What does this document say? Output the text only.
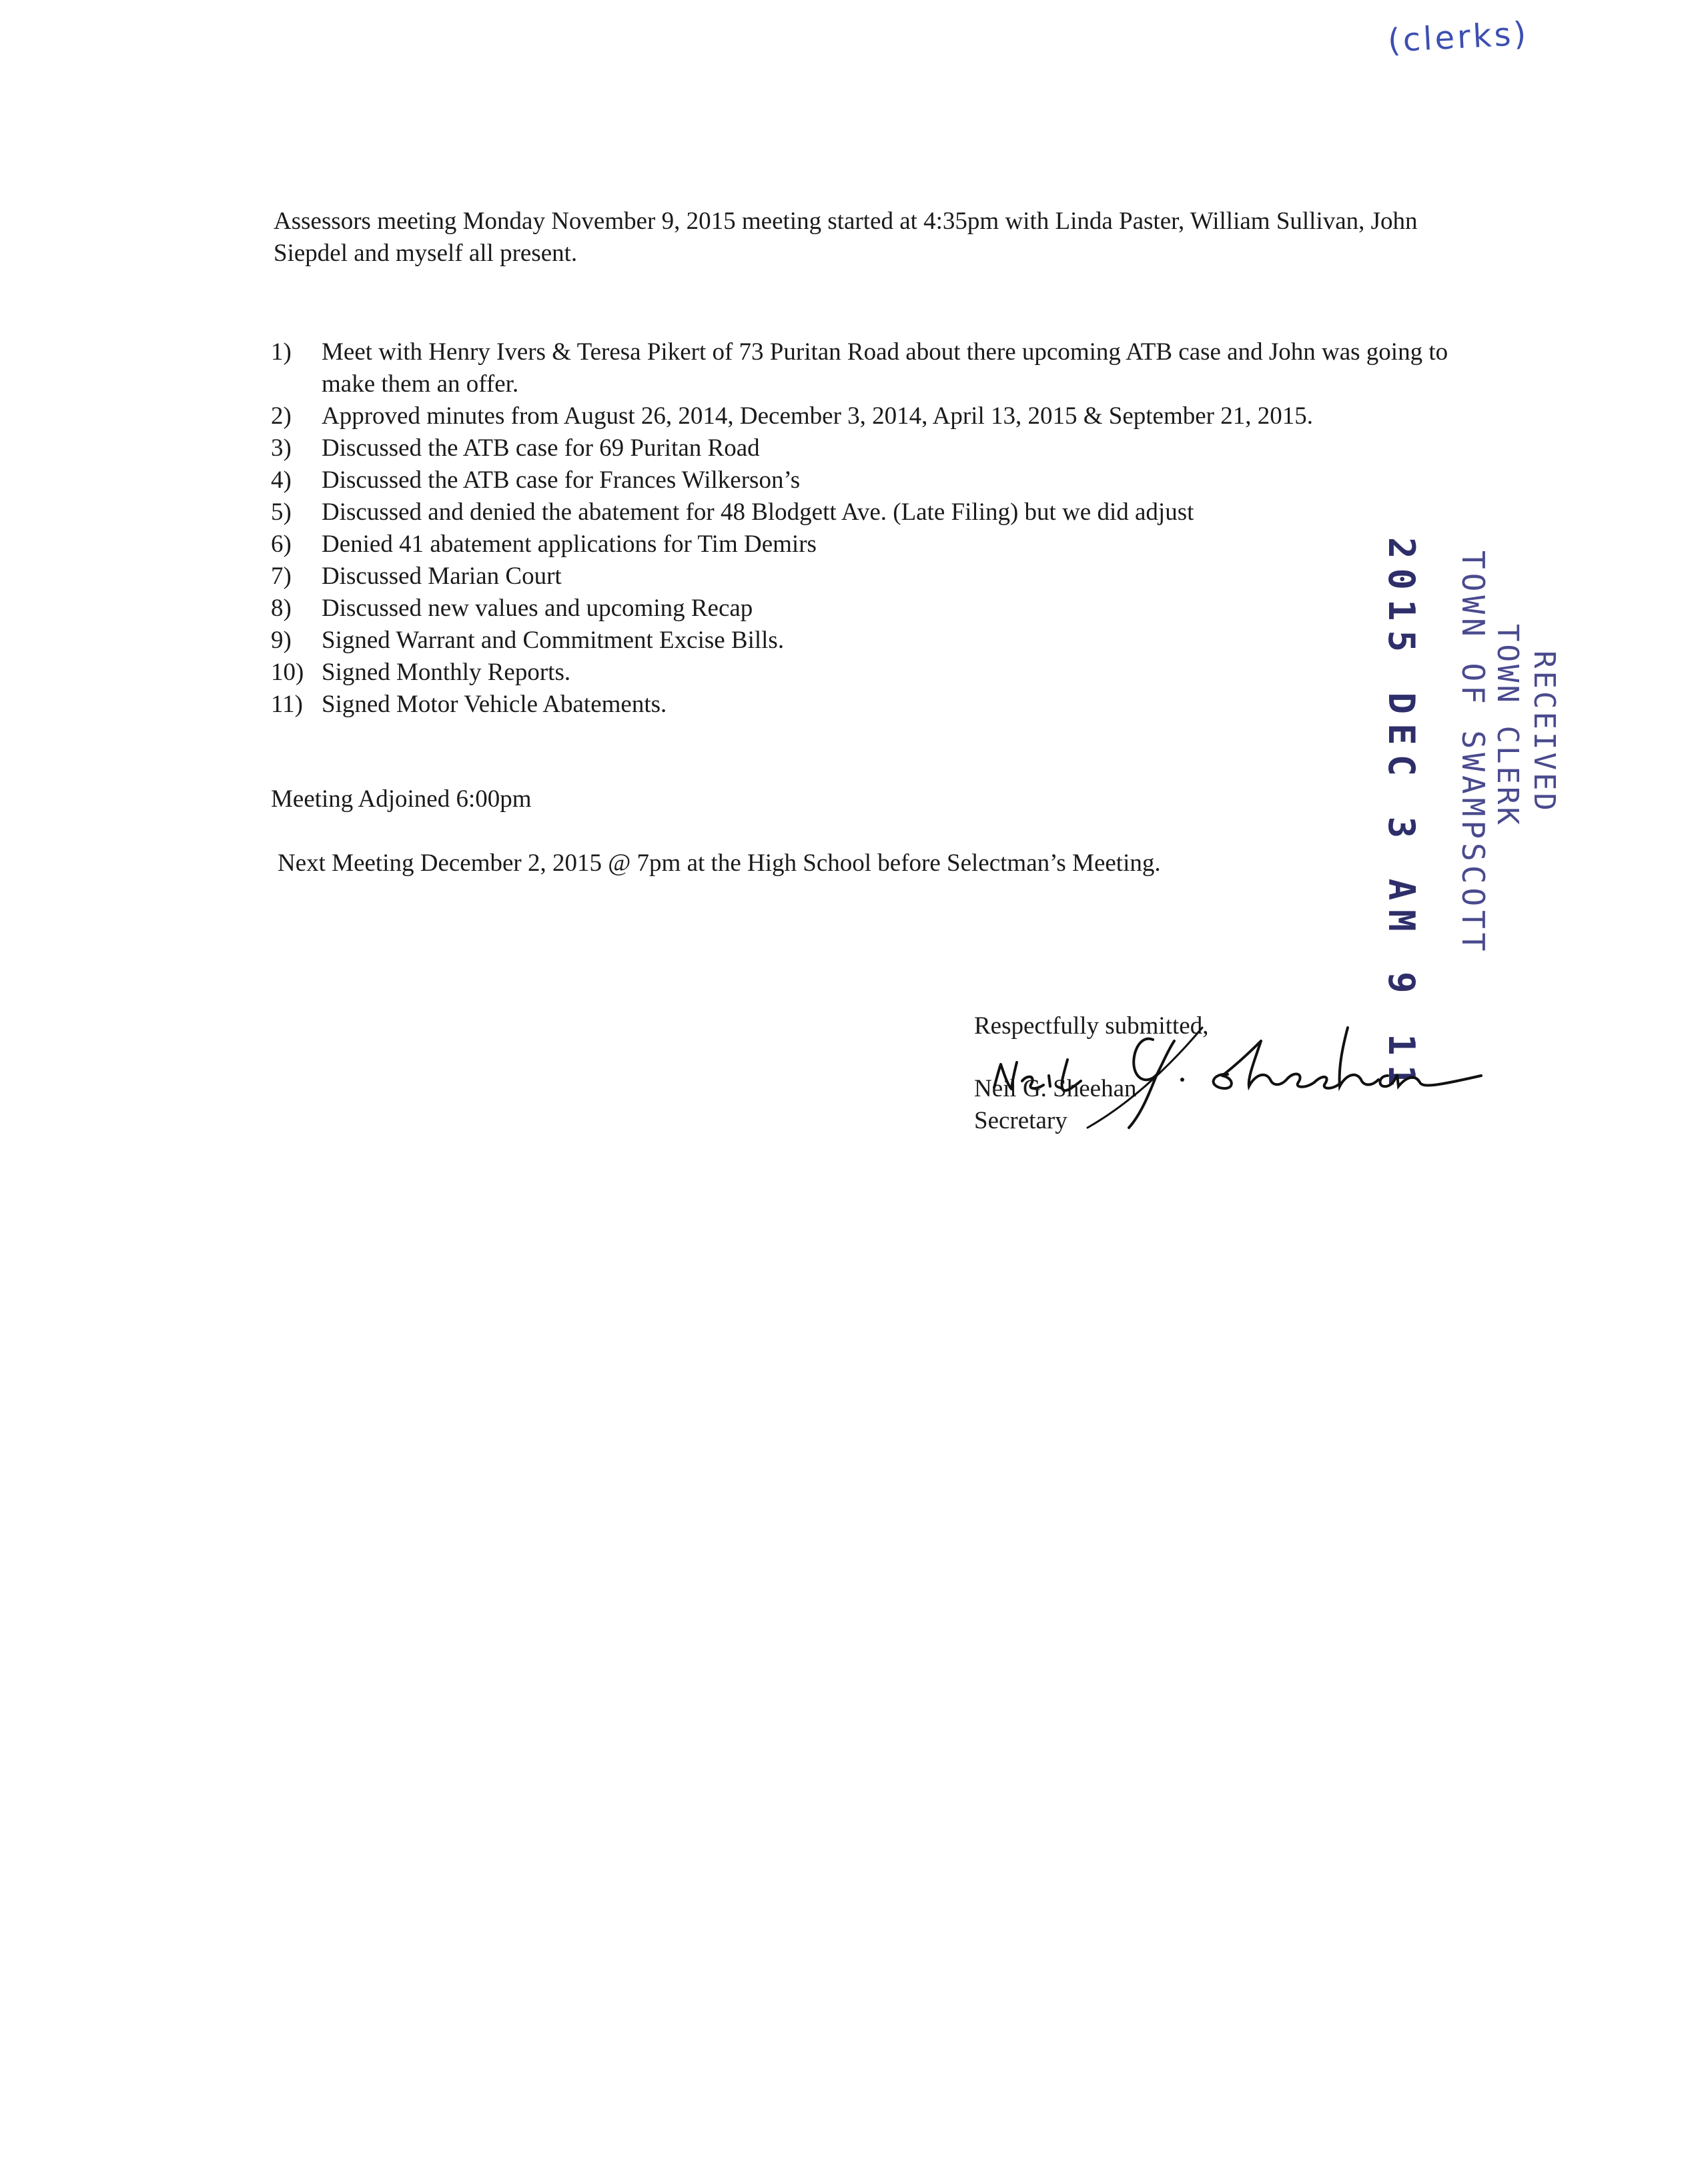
(clerks)
Assessors meeting Monday November 9, 2015 meeting started at 4:35pm with Linda Paster, William Sullivan, John Siepdel and myself all present.
1)	Meet with Henry Ivers & Teresa Pikert of 73 Puritan Road about there upcoming ATB case and John was going to make them an offer.
2)	Approved minutes from August 26, 2014, December 3, 2014, April 13, 2015 & September 21, 2015.
3)	Discussed the ATB case for 69 Puritan Road
4)	Discussed the ATB case for Frances Wilkerson’s
5)	Discussed and denied the abatement for 48 Blodgett Ave. (Late Filing) but we did adjust
6)	Denied 41 abatement applications for Tim Demirs
7)	Discussed Marian Court
8)	Discussed new values and upcoming Recap
9)	Signed Warrant and Commitment Excise Bills.
10) Signed Monthly Reports.
11) Signed Motor Vehicle Abatements.
Meeting Adjoined 6:00pm
Next Meeting December 2, 2015 @ 7pm at the High School before Selectman’s Meeting.
RECEIVED
TOWN CLERK
TOWN OF SWAMPSCOTT
2015 DEC 3 AM 9 11
Respectfully submitted,
Neil G. Sheehan
Secretary
